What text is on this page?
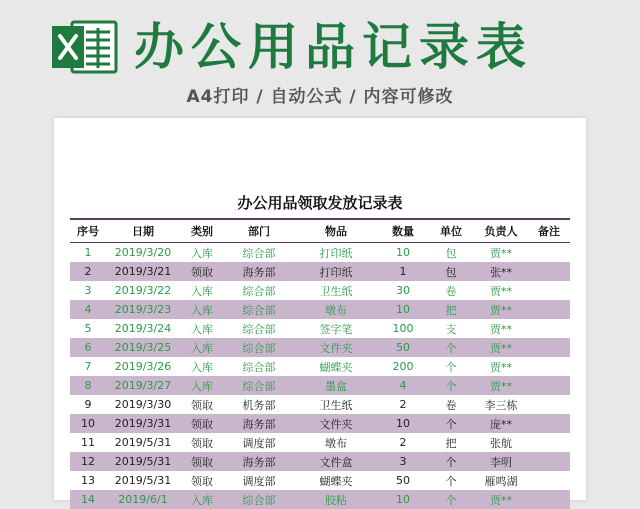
办公用品记录表
A4打印 / 自动公式 / 内容可修改
办公用品领取发放记录表
序号	日期	类别	部门	物品	数量	单位	负责人	备注
1	2019/3/20	入库	综合部	打印纸	10	包	贾**
2	2019/3/21	领取	海务部	打印纸	1	包	张**
3	2019/3/22	入库	综合部	卫生纸	30	卷	贾**
4	2019/3/23	入库	综合部	墩布	10	把	贾**
5	2019/3/24	入库	综合部	签字笔	100	支	贾**
6	2019/3/25	入库	综合部	文件夹	50	个	贾**
7	2019/3/26	入库	综合部	蝴蝶夹	200	个	贾**
8	2019/3/27	入库	综合部	墨盒	4	个	贾**
9	2019/3/30	领取	机务部	卫生纸	2	卷	李三栋
10	2019/3/31	领取	海务部	文件夹	10	个	庞**
11	2019/5/31	领取	调度部	墩布	2	把	张航
12	2019/5/31	领取	海务部	文件盒	3	个	李明
13	2019/5/31	领取	调度部	蝴蝶夹	50	个	雁鸣湖
14	2019/6/1	入库	综合部	胶粘	10	个	贾**
